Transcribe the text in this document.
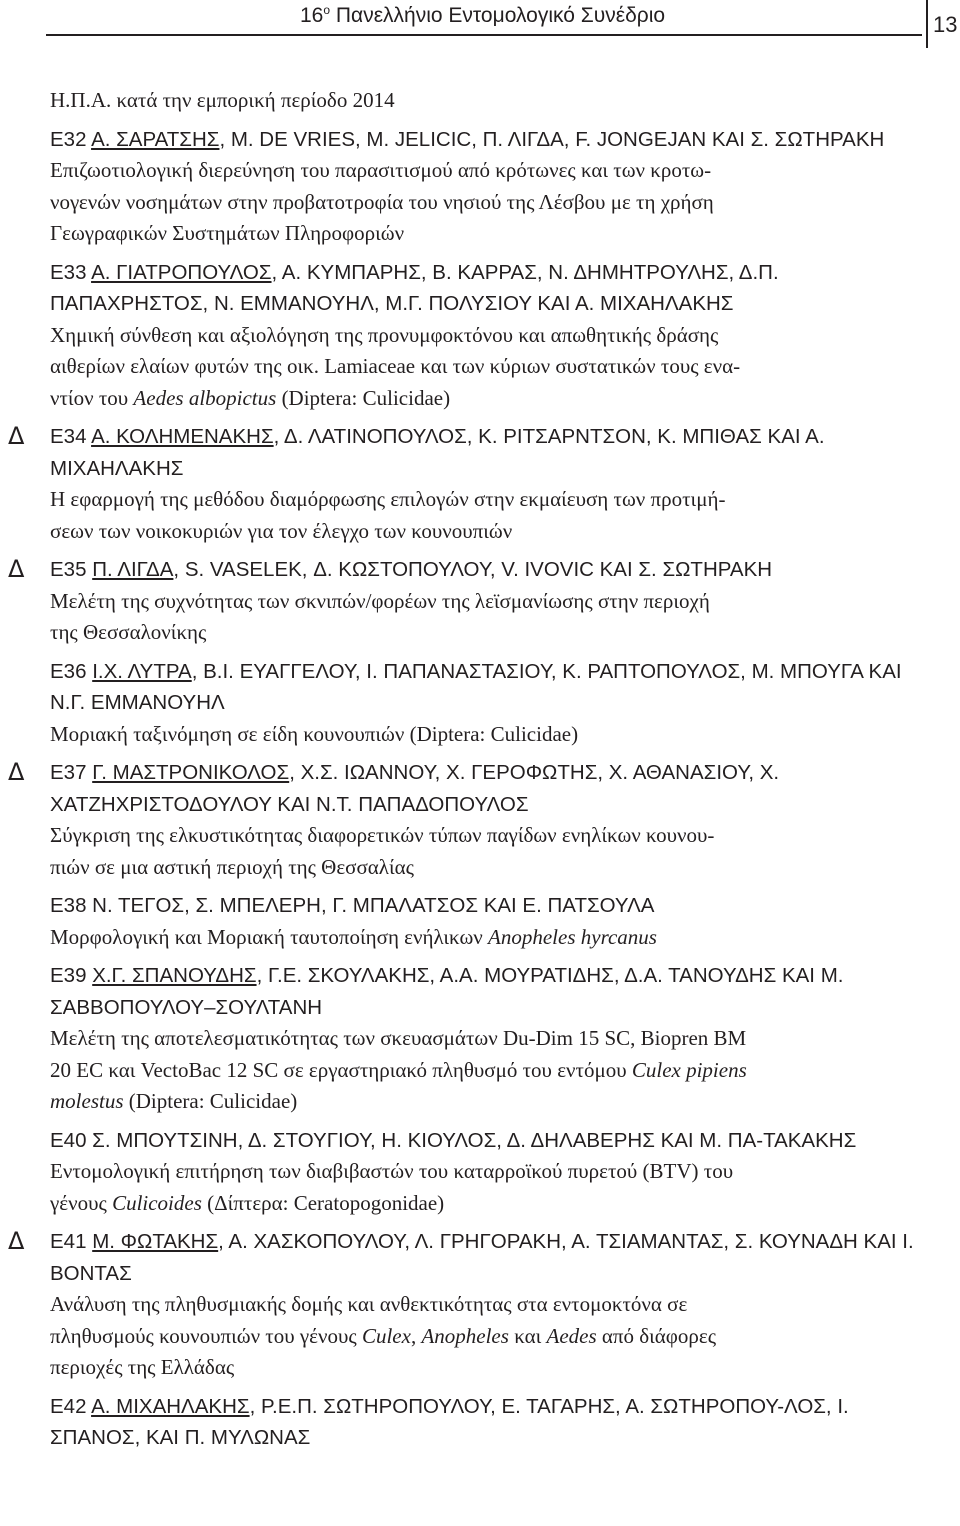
$16^o$ Πανελλήνιο Εντομολογικό Συνέδριο	13
Η.Π.Α. κατά την εμπορική περίοδο 2014
Ε32 Α. ΣΑΡΑΤΣΗΣ, Μ. DE VRIES, Μ. JELICIC, Π. ΛΙΓΔΑ, F. JONGEJAN ΚΑΙ Σ. ΣΩΤΗΡΑΚΗ
Επιζωοτιολογική διερεύνηση του παρασιτισμού από κρότωνες και των κροτω-
νογενών νοσημάτων στην προβατοτροφία του νησιού της Λέσβου με τη χρήση
Γεωγραφικών Συστημάτων Πληροφοριών
Ε33 Α. ΓΙΑΤΡΟΠΟΥΛΟΣ, Α. ΚΥΜΠΑΡΗΣ, Β. ΚΑΡΡΑΣ, Ν. ΔΗΜΗΤΡΟΥΛΗΣ, Δ.Π. ΠΑΠΑΧΡΗΣΤΟΣ, Ν. ΕΜΜΑΝΟΥΗΛ, Μ.Γ. ΠΟΛΥΣΙΟΥ ΚΑΙ Α. ΜΙΧΑΗΛΑΚΗΣ
Χημική σύνθεση και αξιολόγηση της προνυμφοκτόνου και απωθητικής δράσης
αιθερίων ελαίων φυτών της οικ. Lamiaceae και των κύριων συστατικών τους ενα-
ντίον του Aedes albopictus (Diptera: Culicidae)
Δ Ε34 Α. ΚΟΛΗΜΕΝΑΚΗΣ, Δ. ΛΑΤΙΝΟΠΟΥΛΟΣ, Κ. ΡΙΤΣΑΡΝΤΣΟΝ, Κ. ΜΠΙΘΑΣ ΚΑΙ Α. ΜΙΧΑΗΛΑΚΗΣ
Η εφαρμογή της μεθόδου διαμόρφωσης επιλογών στην εκμαίευση των προτιμή-
σεων των νοικοκυριών για τον έλεγχο των κουνουπιών
Δ Ε35 Π. ΛΙΓΔΑ, S. VASELEK, Δ. ΚΩΣΤΟΠΟΥΛΟΥ, V. IVOVIC ΚΑΙ Σ. ΣΩΤΗΡΑΚΗ
Μελέτη της συχνότητας των σκνιπών/φορέων της λεϊσμανίωσης στην περιοχή
της Θεσσαλονίκης
Ε36 Ι.Χ. ΛΥΤΡΑ, Β.Ι. ΕΥΑΓΓΕΛΟΥ, Ι. ΠΑΠΑΝΑΣΤΑΣΙΟΥ, Κ. ΡΑΠΤΟΠΟΥΛΟΣ, Μ. ΜΠΟΥΓΑ ΚΑΙ Ν.Γ. ΕΜΜΑΝΟΥΗΛ
Μοριακή ταξινόμηση σε είδη κουνουπιών (Diptera: Culicidae)
Δ Ε37 Γ. ΜΑΣΤΡΟΝΙΚΟΛΟΣ, Χ.Σ. ΙΩΑΝΝΟΥ, Χ. ΓΕΡΟΦΩΤΗΣ, Χ. ΑΘΑΝΑΣΙΟΥ, Χ. ΧΑΤΖΗΧΡΙΣΤΟΔΟΥΛΟΥ ΚΑΙ Ν.Τ. ΠΑΠΑΔΟΠΟΥΛΟΣ
Σύγκριση της ελκυστικότητας διαφορετικών τύπων παγίδων ενηλίκων κουνου-
πιών σε μια αστική περιοχή της Θεσσαλίας
Ε38 Ν. ΤΕΓΟΣ, Σ. ΜΠΕΛΕΡΗ, Γ. ΜΠΑΛΑΤΣΟΣ ΚΑΙ Ε. ΠΑΤΣΟΥΛΑ
Μορφολογική και Μοριακή ταυτοποίηση ενήλικων Anopheles hyrcanus
Ε39 Χ.Γ. ΣΠΑΝΟΥΔΗΣ, Γ.Ε. ΣΚΟΥΛΑΚΗΣ, Α.Α. ΜΟΥΡΑΤΙΔΗΣ, Δ.Α. ΤΑΝΟΥΔΗΣ ΚΑΙ Μ. ΣΑΒΒΟΠΟΥΛΟΥ–ΣΟΥΛΤΑΝΗ
Μελέτη της αποτελεσματικότητας των σκευασμάτων Du-Dim 15 SC, Biopren BM
20 EC και VectoBac 12 SC σε εργαστηριακό πληθυσμό του εντόμου Culex pipiens
molestus (Diptera: Culicidae)
Ε40 Σ. ΜΠΟΥΤΣΙΝΗ, Δ. ΣΤΟΥΓΙΟΥ, Η. ΚΙΟΥΛΟΣ, Δ. ΔΗΛΑΒΕΡΗΣ ΚΑΙ Μ. ΠΑ-ΤΑΚΑΚΗΣ
Εντομολογική επιτήρηση των διαβιβαστών του καταρροϊκού πυρετού (BTV) του
γένους Culicoides (Δίπτερα: Ceratopogonidae)
Δ Ε41 Μ. ΦΩΤΑΚΗΣ, Α. ΧΑΣΚΟΠΟΥΛΟΥ, Λ. ΓΡΗΓΟΡΑΚΗ, Α. ΤΣΙΑΜΑΝΤΑΣ, Σ. ΚΟΥΝΑΔΗ ΚΑΙ Ι. ΒΟΝΤΑΣ
Ανάλυση της πληθυσμιακής δομής και ανθεκτικότητας στα εντομοκτόνα σε
πληθυσμούς κουνουπιών του γένους Culex, Anopheles και Aedes από διάφορες
περιοχές της Ελλάδας
Ε42 Α. ΜΙΧΑΗΛΑΚΗΣ, Ρ.Ε.Π. ΣΩΤΗΡΟΠΟΥΛΟΥ, Ε. ΤΑΓΑΡΗΣ, Α. ΣΩΤΗΡΟΠΟΥ-ΛΟΣ, Ι. ΣΠΑΝΟΣ, ΚΑΙ Π. ΜΥΛΩΝΑΣ
